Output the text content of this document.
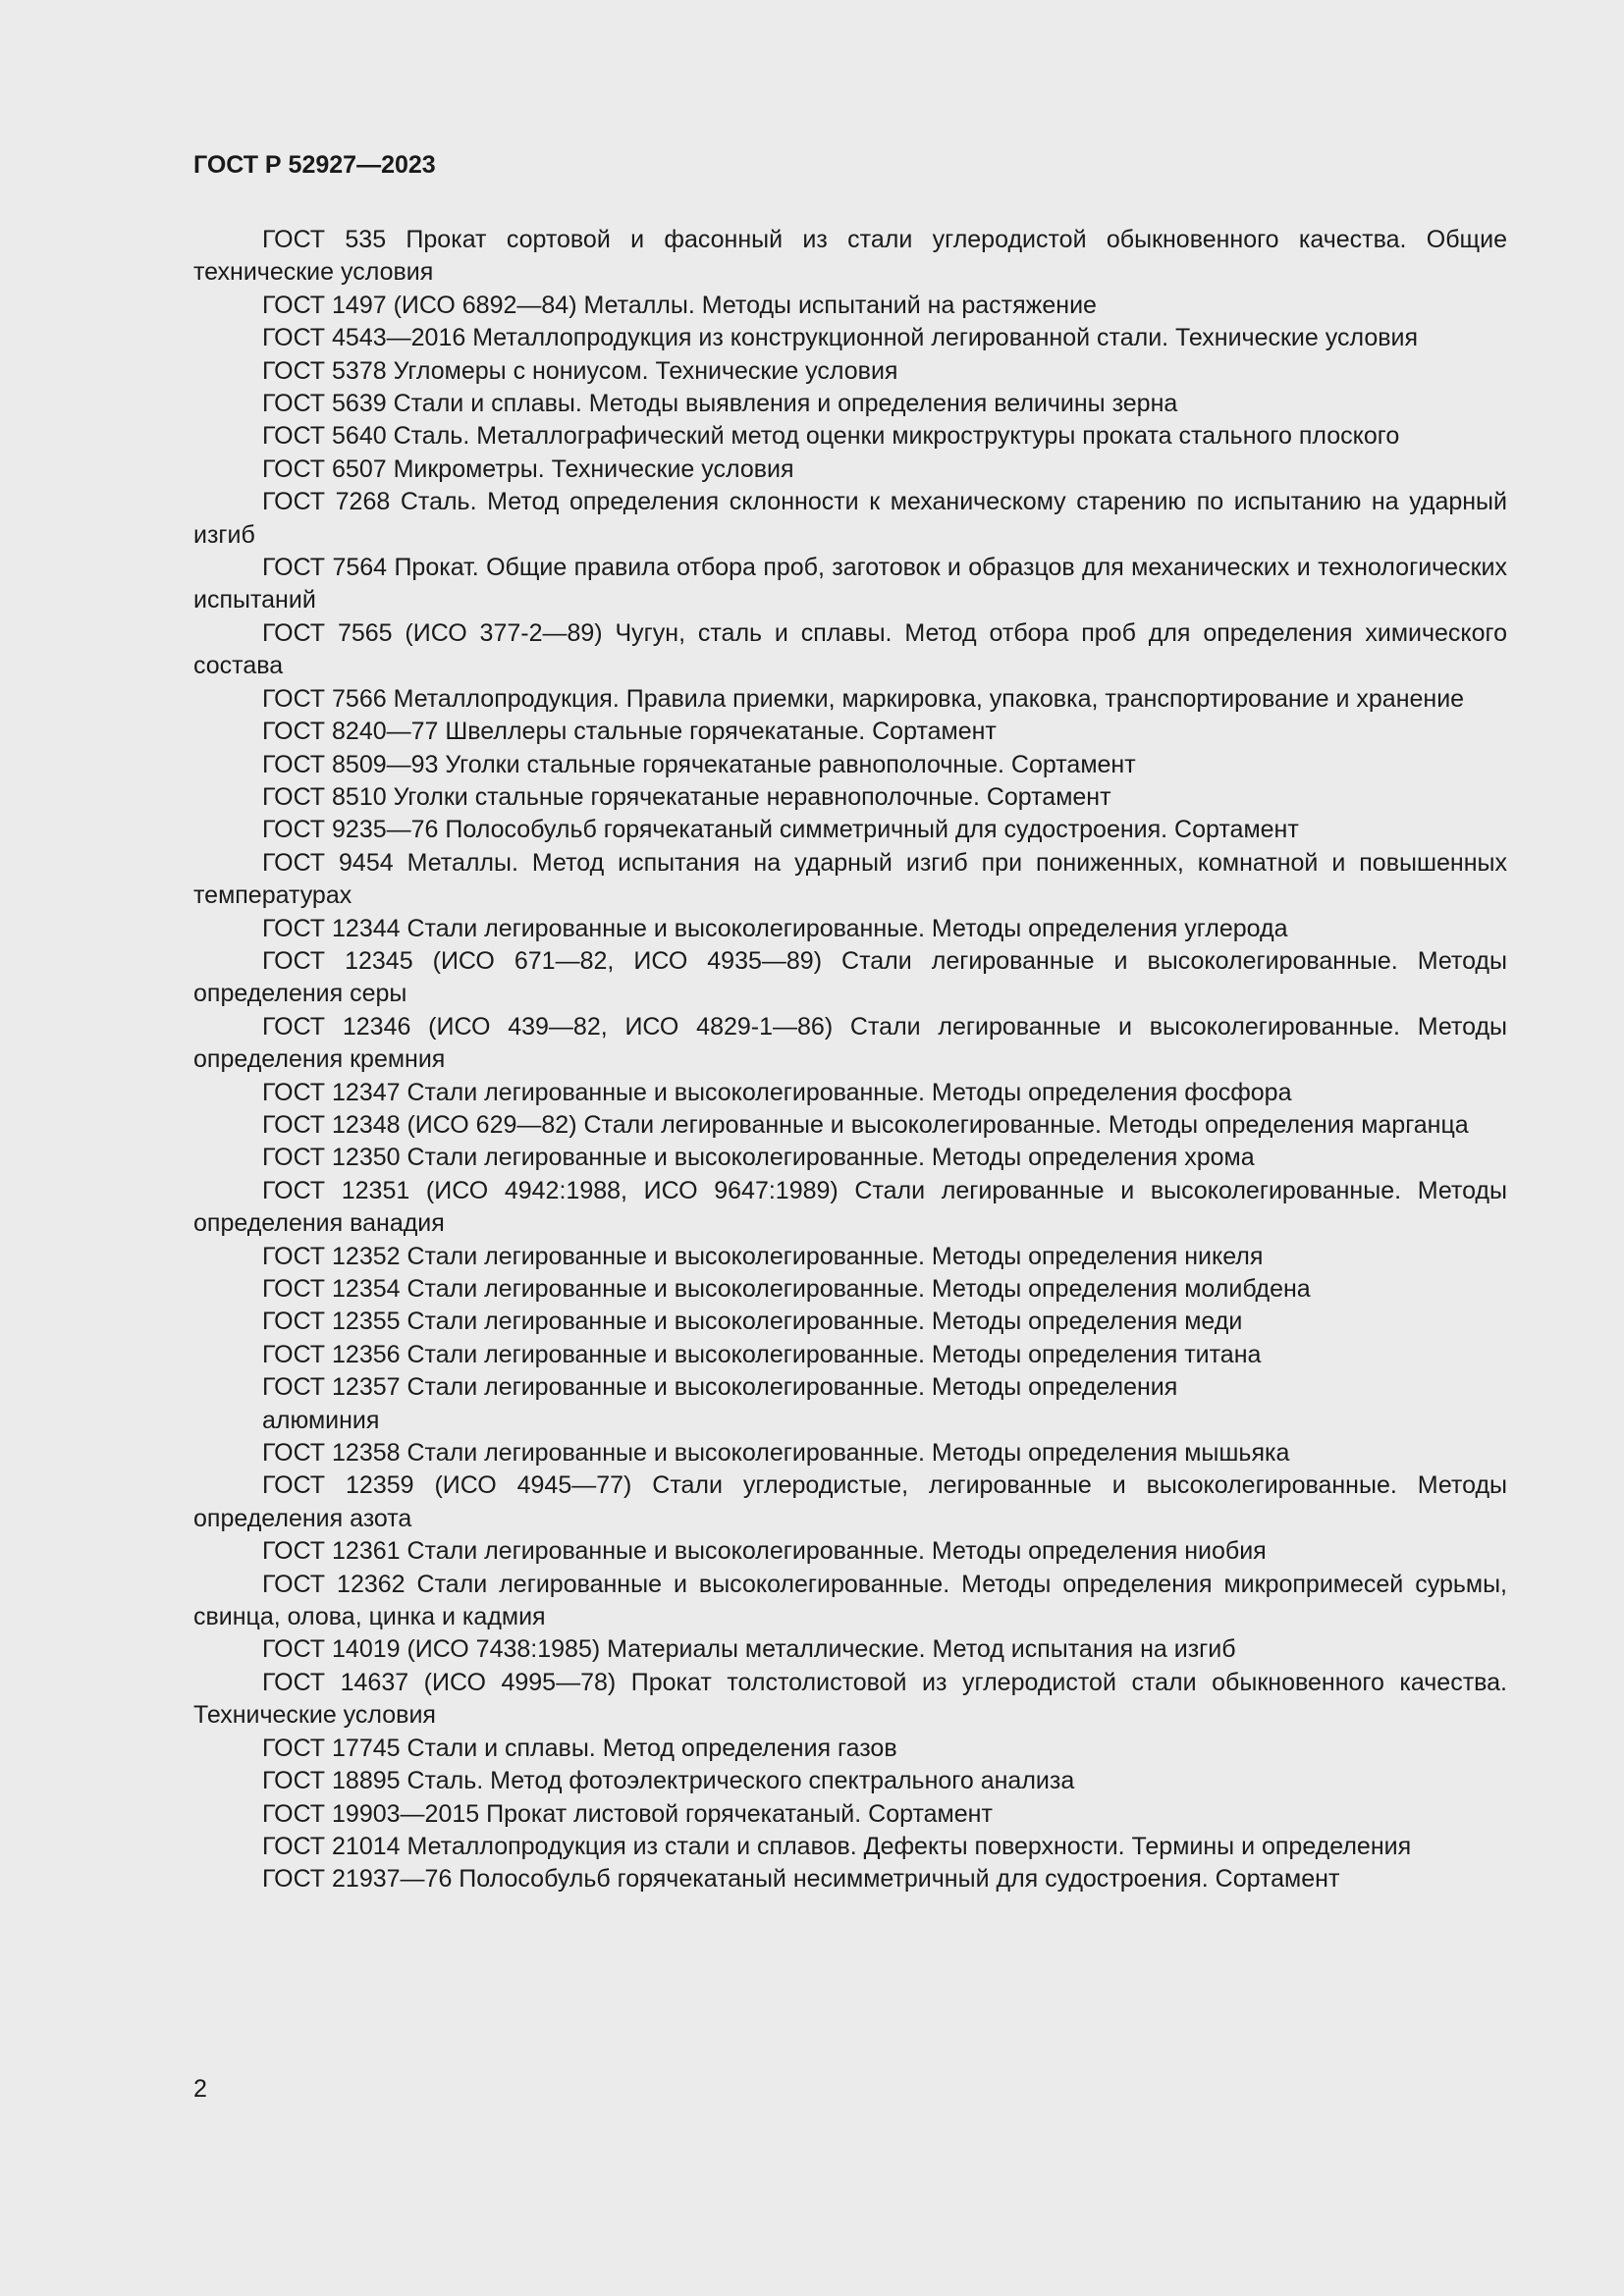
ГОСТ Р 52927—2023
ГОСТ 535 Прокат сортовой и фасонный из стали углеродистой обыкновенного качества. Общие технические условия
ГОСТ 1497 (ИСО 6892—84) Металлы. Методы испытаний на растяжение
ГОСТ 4543—2016 Металлопродукция из конструкционной легированной стали. Технические условия
ГОСТ 5378 Угломеры с нониусом. Технические условия
ГОСТ 5639 Стали и сплавы. Методы выявления и определения величины зерна
ГОСТ 5640 Сталь. Металлографический метод оценки микроструктуры проката стального плоского
ГОСТ 6507 Микрометры. Технические условия
ГОСТ 7268 Сталь. Метод определения склонности к механическому старению по испытанию на ударный изгиб
ГОСТ 7564 Прокат. Общие правила отбора проб, заготовок и образцов для механических и технологических испытаний
ГОСТ 7565 (ИСО 377-2—89) Чугун, сталь и сплавы. Метод отбора проб для определения химического состава
ГОСТ 7566 Металлопродукция. Правила приемки, маркировка, упаковка, транспортирование и хранение
ГОСТ 8240—77 Швеллеры стальные горячекатаные. Сортамент
ГОСТ 8509—93 Уголки стальные горячекатаные равнополочные. Сортамент
ГОСТ 8510 Уголки стальные горячекатаные неравнополочные. Сортамент
ГОСТ 9235—76 Полособульб горячекатаный симметричный для судостроения. Сортамент
ГОСТ 9454 Металлы. Метод испытания на ударный изгиб при пониженных, комнатной и повышенных температурах
ГОСТ 12344 Стали легированные и высоколегированные. Методы определения углерода
ГОСТ 12345 (ИСО 671—82, ИСО 4935—89) Стали легированные и высоколегированные. Методы определения серы
ГОСТ 12346 (ИСО 439—82, ИСО 4829-1—86) Стали легированные и высоколегированные. Методы определения кремния
ГОСТ 12347 Стали легированные и высоколегированные. Методы определения фосфора
ГОСТ 12348 (ИСО 629—82) Стали легированные и высоколегированные. Методы определения марганца
ГОСТ 12350 Стали легированные и высоколегированные. Методы определения хрома
ГОСТ 12351 (ИСО 4942:1988, ИСО 9647:1989) Стали легированные и высоколегированные. Методы определения ванадия
ГОСТ 12352 Стали легированные и высоколегированные. Методы определения никеля
ГОСТ 12354 Стали легированные и высоколегированные. Методы определения молибдена
ГОСТ 12355 Стали легированные и высоколегированные. Методы определения меди
ГОСТ 12356 Стали легированные и высоколегированные. Методы определения титана
ГОСТ 12357 Стали легированные и высоколегированные. Методы определения алюминия
ГОСТ 12358 Стали легированные и высоколегированные. Методы определения мышьяка
ГОСТ 12359 (ИСО 4945—77) Стали углеродистые, легированные и высоколегированные. Методы определения азота
ГОСТ 12361 Стали легированные и высоколегированные. Методы определения ниобия
ГОСТ 12362 Стали легированные и высоколегированные. Методы определения микропримесей сурьмы, свинца, олова, цинка и кадмия
ГОСТ 14019 (ИСО 7438:1985) Материалы металлические. Метод испытания на изгиб
ГОСТ 14637 (ИСО 4995—78) Прокат толстолистовой из углеродистой стали обыкновенного качества. Технические условия
ГОСТ 17745 Стали и сплавы. Метод определения газов
ГОСТ 18895 Сталь. Метод фотоэлектрического спектрального анализа
ГОСТ 19903—2015 Прокат листовой горячекатаный. Сортамент
ГОСТ 21014 Металлопродукция из стали и сплавов. Дефекты поверхности. Термины и определения
ГОСТ 21937—76 Полособульб горячекатаный несимметричный для судостроения. Сортамент
2
